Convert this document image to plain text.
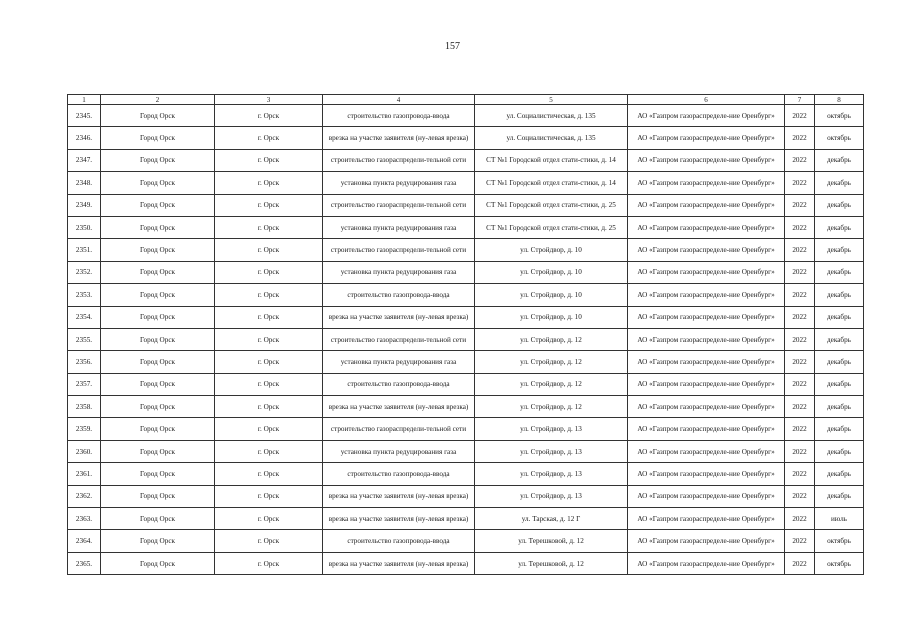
157
1	2	3	4	5	6	7	8
2345.	Город Орск	г. Орск	строительство газопровода-ввода	ул. Социалистическая, д. 135	АО «Газпром газораспределе-ние Оренбург»	2022	октябрь
2346.	Город Орск	г. Орск	врезка на участке заявителя (ну-левая врезка)	ул. Социалистическая, д. 135	АО «Газпром газораспределе-ние Оренбург»	2022	октябрь
2347.	Город Орск	г. Орск	строительство газораспредели-тельной сети	СТ №1 Городской отдел стати-стики, д. 14	АО «Газпром газораспределе-ние Оренбург»	2022	декабрь
2348.	Город Орск	г. Орск	установка пункта редуцирования газа	СТ №1 Городской отдел стати-стики, д. 14	АО «Газпром газораспределе-ние Оренбург»	2022	декабрь
2349.	Город Орск	г. Орск	строительство газораспредели-тельной сети	СТ №1 Городской отдел стати-стики, д. 25	АО «Газпром газораспределе-ние Оренбург»	2022	декабрь
2350.	Город Орск	г. Орск	установка пункта редуцирования газа	СТ №1 Городской отдел стати-стики, д. 25	АО «Газпром газораспределе-ние Оренбург»	2022	декабрь
2351.	Город Орск	г. Орск	строительство газораспредели-тельной сети	ул. Стройдвор, д. 10	АО «Газпром газораспределе-ние Оренбург»	2022	декабрь
2352.	Город Орск	г. Орск	установка пункта редуцирования газа	ул. Стройдвор, д. 10	АО «Газпром газораспределе-ние Оренбург»	2022	декабрь
2353.	Город Орск	г. Орск	строительство газопровода-ввода	ул. Стройдвор, д. 10	АО «Газпром газораспределе-ние Оренбург»	2022	декабрь
2354.	Город Орск	г. Орск	врезка на участке заявителя (ну-левая врезка)	ул. Стройдвор, д. 10	АО «Газпром газораспределе-ние Оренбург»	2022	декабрь
2355.	Город Орск	г. Орск	строительство газораспредели-тельной сети	ул. Стройдвор, д. 12	АО «Газпром газораспределе-ние Оренбург»	2022	декабрь
2356.	Город Орск	г. Орск	установка пункта редуцирования газа	ул. Стройдвор, д. 12	АО «Газпром газораспределе-ние Оренбург»	2022	декабрь
2357.	Город Орск	г. Орск	строительство газопровода-ввода	ул. Стройдвор, д. 12	АО «Газпром газораспределе-ние Оренбург»	2022	декабрь
2358.	Город Орск	г. Орск	врезка на участке заявителя (ну-левая врезка)	ул. Стройдвор, д. 12	АО «Газпром газораспределе-ние Оренбург»	2022	декабрь
2359.	Город Орск	г. Орск	строительство газораспредели-тельной сети	ул. Стройдвор, д. 13	АО «Газпром газораспределе-ние Оренбург»	2022	декабрь
2360.	Город Орск	г. Орск	установка пункта редуцирования газа	ул. Стройдвор, д. 13	АО «Газпром газораспределе-ние Оренбург»	2022	декабрь
2361.	Город Орск	г. Орск	строительство газопровода-ввода	ул. Стройдвор, д. 13	АО «Газпром газораспределе-ние Оренбург»	2022	декабрь
2362.	Город Орск	г. Орск	врезка на участке заявителя (ну-левая врезка)	ул. Стройдвор, д. 13	АО «Газпром газораспределе-ние Оренбург»	2022	декабрь
2363.	Город Орск	г. Орск	врезка на участке заявителя (ну-левая врезка)	ул. Тарская, д. 12 Г	АО «Газпром газораспределе-ние Оренбург»	2022	июль
2364.	Город Орск	г. Орск	строительство газопровода-ввода	ул. Терешковой, д. 12	АО «Газпром газораспределе-ние Оренбург»	2022	октябрь
2365.	Город Орск	г. Орск	врезка на участке заявителя (ну-левая врезка)	ул. Терешковой, д. 12	АО «Газпром газораспределе-ние Оренбург»	2022	октябрь
